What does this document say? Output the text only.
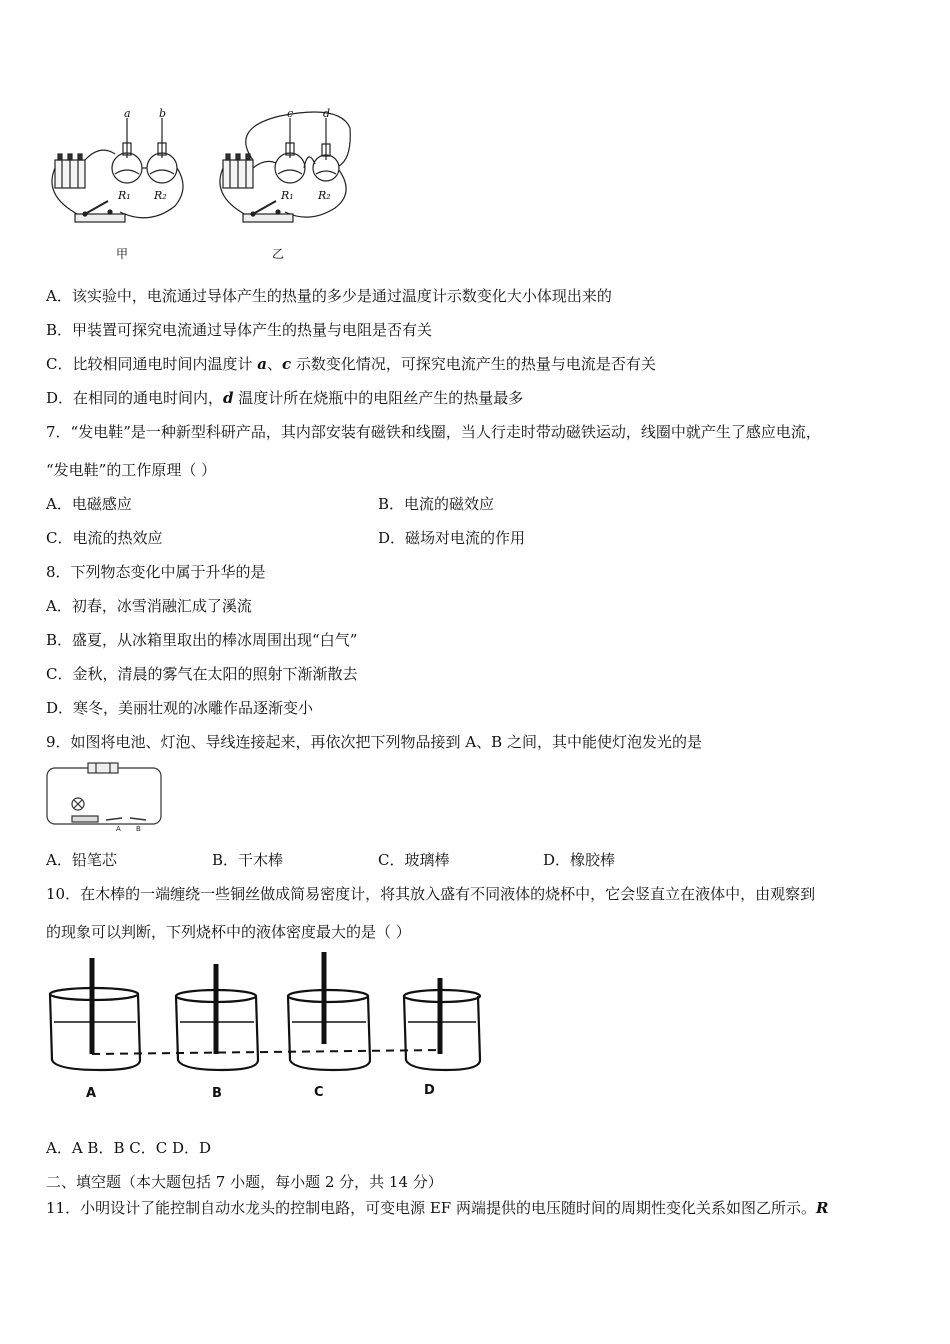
a	b
R₁ R₂
c	d
R₁ R₂
甲	乙
A．该实验中，电流通过导体产生的热量的多少是通过温度计示数变化大小体现出来的
B．甲装置可探究电流通过导体产生的热量与电阻是否有关
C．比较相同通电时间内温度计 a、c 示数变化情况，可探究电流产生的热量与电流是否有关
D．在相同的通电时间内，d 温度计所在烧瓶中的电阻丝产生的热量最多
7．“发电鞋”是一种新型科研产品，其内部安装有磁铁和线圈，当人行走时带动磁铁运动，线圈中就产生了感应电流，
“发电鞋”的工作原理（ ）
A．电磁感应	B．电流的磁效应
C．电流的热效应	D．磁场对电流的作用
8．下列物态变化中属于升华的是
A．初春，冰雪消融汇成了溪流
B．盛夏，从冰箱里取出的棒冰周围出现“白气”
C．金秋，清晨的雾气在太阳的照射下渐渐散去
D．寒冬，美丽壮观的冰雕作品逐渐变小
9．如图将电池、灯泡、导线连接起来，再依次把下列物品接到 A、B 之间，其中能使灯泡发光的是
A B
A．铅笔芯	B．干木棒	C．玻璃棒	D．橡胶棒
10．在木棒的一端缠绕一些铜丝做成简易密度计，将其放入盛有不同液体的烧杯中，它会竖直立在液体中，由观察到
的现象可以判断，下列烧杯中的液体密度最大的是（ ）
A	B	C	D
A．A B．B C．C D．D
二、填空题（本大题包括 7 小题，每小题 2 分，共 14 分）
11．小明设计了能控制自动水龙头的控制电路，可变电源 EF 两端提供的电压随时间的周期性变化关系如图乙所示。R
